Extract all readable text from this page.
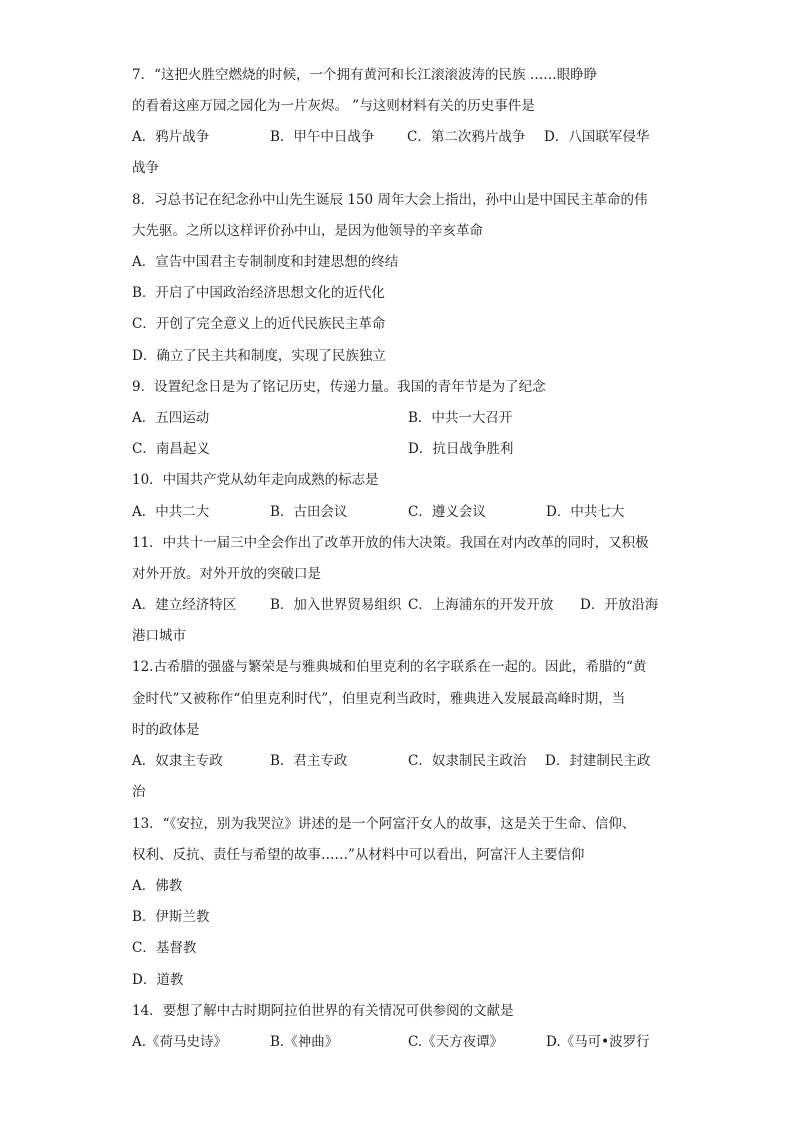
7．“这把火胜空燃烧的时候，一个拥有黄河和长江滚滚波涛的民族 ……眼睁睁

的看着这座万园之园化为一片灰烬。 ”与这则材料有关的历史事件是

A．鸦片战争	B．甲午中日战争 C．第二次鸦片战争 D．八国联军侵华
战争

8．习总书记在纪念孙中山先生诞辰 150 周年大会上指出，孙中山是中国民主革命的伟

大先驱。之所以这样评价孙中山，是因为他领导的辛亥革命

A．宣告中国君主专制制度和封建思想的终结
B．开启了中国政治经济思想文化的近代化
C．开创了完全意义上的近代民族民主革命
D．确立了民主共和制度，实现了民族独立

9．设置纪念日是为了铭记历史，传递力量。我国的青年节是为了纪念

A．五四运动	B．中共一大召开
C．南昌起义	D．抗日战争胜利

10．中国共产党从幼年走向成熟的标志是

A．中共二大	B．古田会议	C．遵义会议	D．中共七大

11．中共十一届三中全会作出了改革开放的伟大决策。我国在对内改革的同时，又积极

对外开放。对外开放的突破口是

A．建立经济特区	B．加入世界贸易组织 C．上海浦东的开发开放 D．开放沿海
港口城市

12.古希腊的强盛与繁荣是与雅典城和伯里克利的名字联系在一起的。因此，希腊的“黄

金时代”又被称作“伯里克利时代”，伯里克利当政时，雅典进入发展最高峰时期，当

时的政体是

A．奴隶主专政	B．君主专政	C．奴隶制民主政治 D．封建制民主政
治

13．“《安拉，别为我哭泣》讲述的是一个阿富汗女人的故事，这是关于生命、信仰、

权利、反抗、责任与希望的故事……”从材料中可以看出，阿富汗人主要信仰

A．佛教
B．伊斯兰教
C．基督教
D．道教

14．要想了解中古时期阿拉伯世界的有关情况可供参阅的文献是

A.《荷马史诗》	B.《神曲》	C.《天方夜谭》	D.《马可•波罗行
